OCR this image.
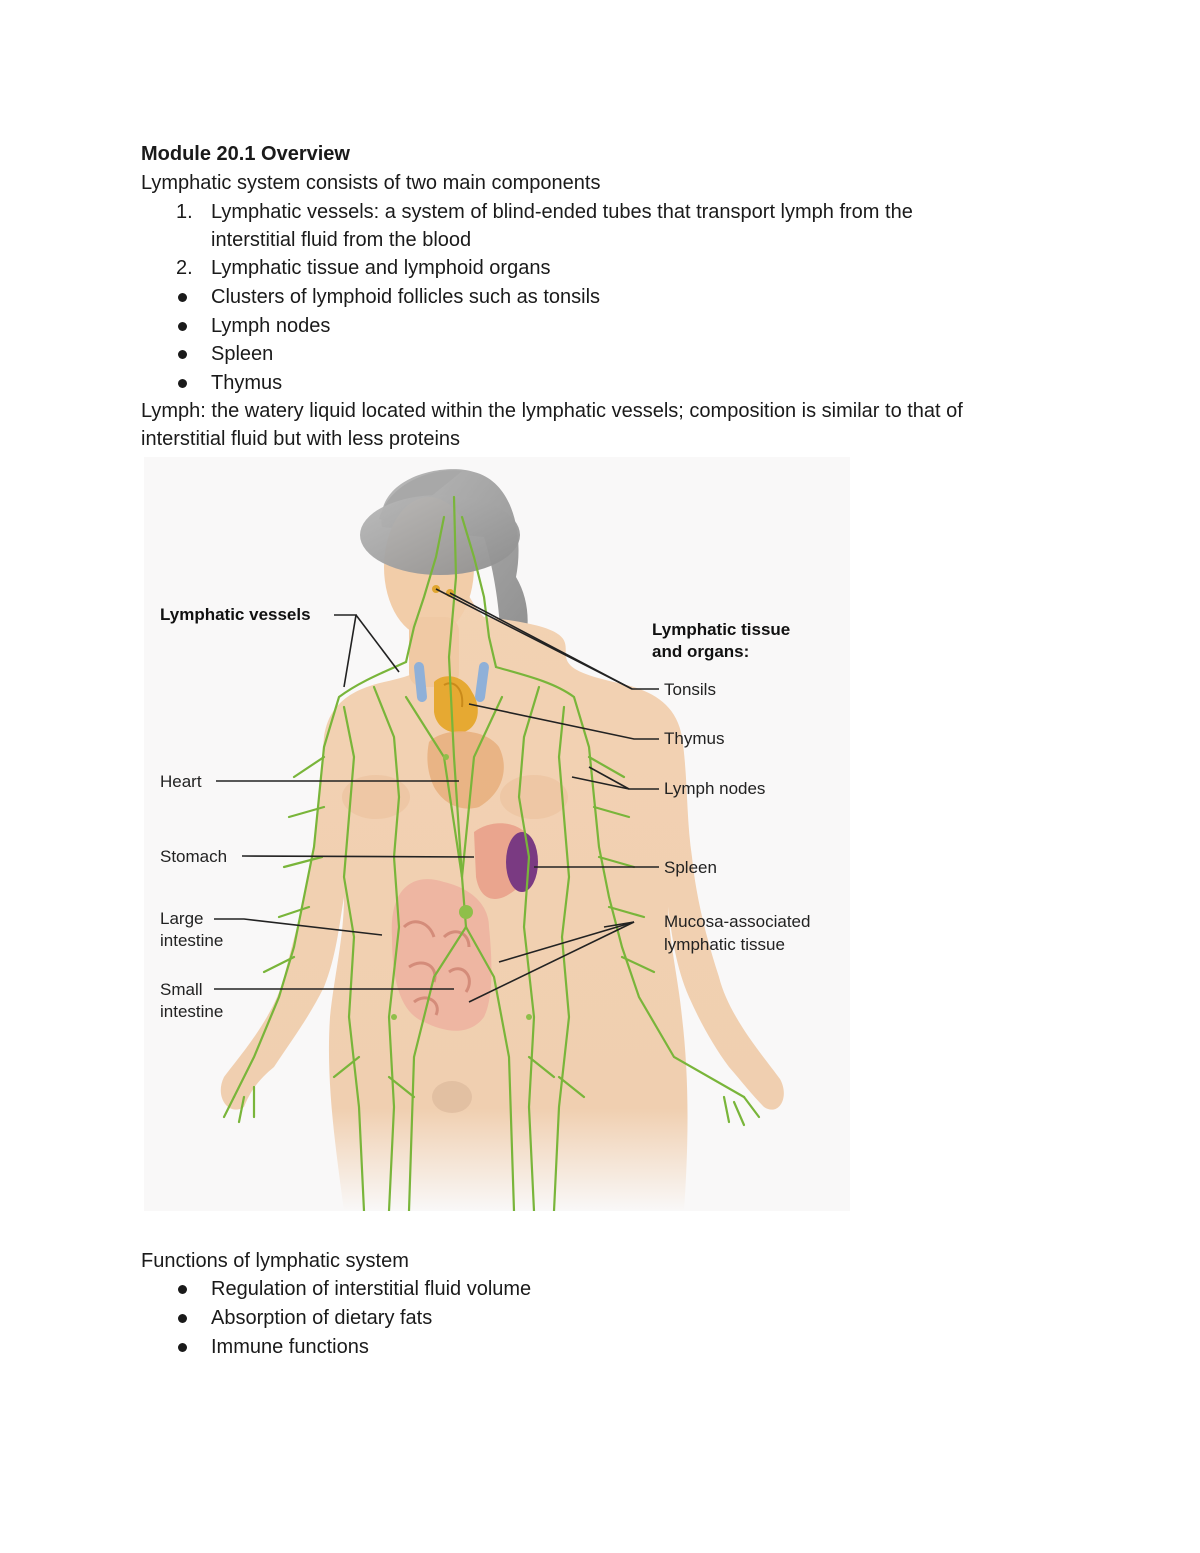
Module 20.1 Overview
Lymphatic system consists of two main components
1. Lymphatic vessels: a system of blind-ended tubes that transport lymph from the
interstitial fluid from the blood
2. Lymphatic tissue and lymphoid organs
Clusters of lymphoid follicles such as tonsils
Lymph nodes
Spleen
Thymus
Lymph: the watery liquid located within the lymphatic vessels; composition is similar to that of
interstitial fluid but with less proteins
Lymphatic vessels
Lymphatic tissue
and organs:
Tonsils
Thymus
Lymph nodes
Spleen
Mucosa-associated
lymphatic tissue
Heart
Stomach
Large
intestine
Small
intestine
Functions of lymphatic system
Regulation of interstitial fluid volume
Absorption of dietary fats
Immune functions
